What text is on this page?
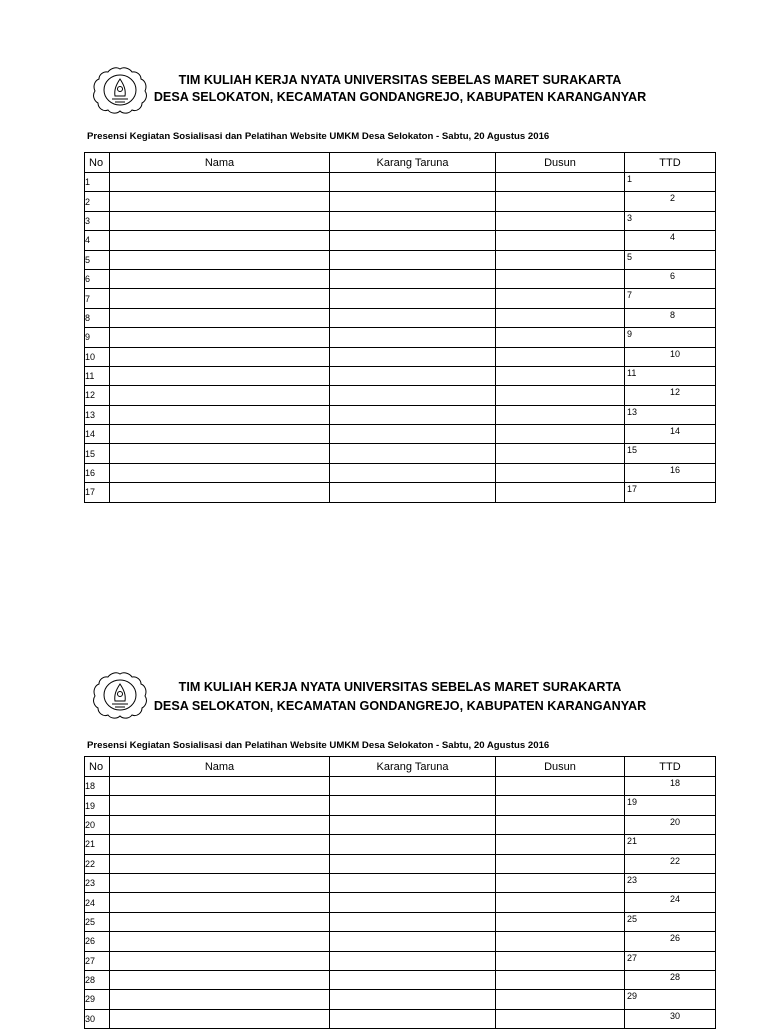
TIM KULIAH KERJA NYATA UNIVERSITAS SEBELAS MARET SURAKARTA
DESA SELOKATON, KECAMATAN GONDANGREJO, KABUPATEN KARANGANYAR
Presensi Kegiatan Sosialisasi dan Pelatihan Website UMKM Desa Selokaton - Sabtu, 20 Agustus 2016
No	Nama	Karang Taruna	Dusun	TTD
1				1

2				2

3				3

4				4

5				5

6				6

7				7

8				8

9				9

10				10

11				11

12				12

13				13

14				14

15				15

16				16

17				17
TIM KULIAH KERJA NYATA UNIVERSITAS SEBELAS MARET SURAKARTA
DESA SELOKATON, KECAMATAN GONDANGREJO, KABUPATEN KARANGANYAR
Presensi Kegiatan Sosialisasi dan Pelatihan Website UMKM Desa Selokaton - Sabtu, 20 Agustus 2016
No	Nama	Karang Taruna	Dusun	TTD
18				18

19				19

20				20

21				21

22				22

23				23

24				24

25				25

26				26

27				27

28				28

29				29

30				30
